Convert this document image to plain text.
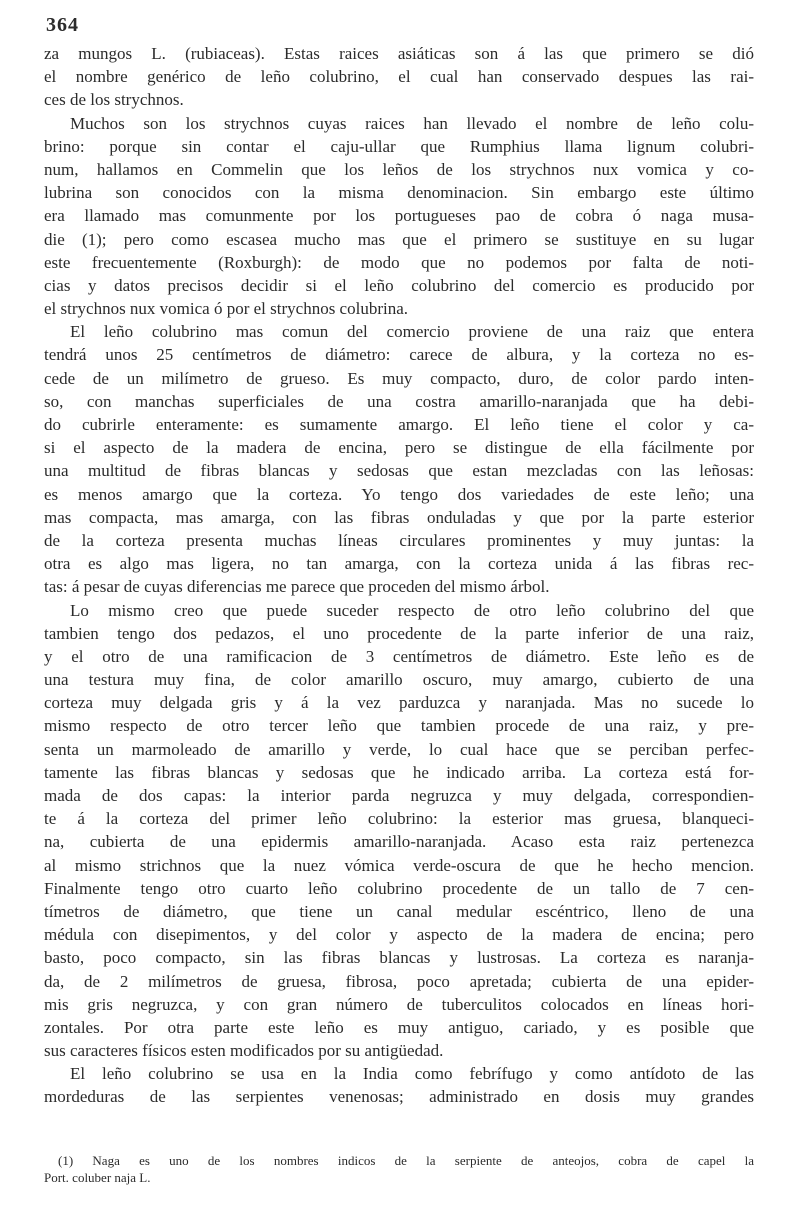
364
za mungos L. (rubiaceas). Estas raices asiáticas son á las que primero se dió
el nombre genérico de leño colubrino, el cual han conservado despues las rai-
ces de los strychnos.
Muchos son los strychnos cuyas raices han llevado el nombre de leño colu-
brino: porque sin contar el caju-ullar que Rumphius llama lignum colubri-
num, hallamos en Commelin que los leños de los strychnos nux vomica y co-
lubrina son conocidos con la misma denominacion. Sin embargo este último
era llamado mas comunmente por los portugueses pao de cobra ó naga musa-
die (1); pero como escasea mucho mas que el primero se sustituye en su lugar
este frecuentemente (Roxburgh): de modo que no podemos por falta de noti-
cias y datos precisos decidir si el leño colubrino del comercio es producido por
el strychnos nux vomica ó por el strychnos colubrina.
El leño colubrino mas comun del comercio proviene de una raiz que entera
tendrá unos 25 centímetros de diámetro: carece de albura, y la corteza no es-
cede de un milímetro de grueso. Es muy compacto, duro, de color pardo inten-
so, con manchas superficiales de una costra amarillo-naranjada que ha debi-
do cubrirle enteramente: es sumamente amargo. El leño tiene el color y ca-
si el aspecto de la madera de encina, pero se distingue de ella fácilmente por
una multitud de fibras blancas y sedosas que estan mezcladas con las leñosas:
es menos amargo que la corteza. Yo tengo dos variedades de este leño; una
mas compacta, mas amarga, con las fibras onduladas y que por la parte esterior
de la corteza presenta muchas líneas circulares prominentes y muy juntas: la
otra es algo mas ligera, no tan amarga, con la corteza unida á las fibras rec-
tas: á pesar de cuyas diferencias me parece que proceden del mismo árbol.
Lo mismo creo que puede suceder respecto de otro leño colubrino del que
tambien tengo dos pedazos, el uno procedente de la parte inferior de una raiz,
y el otro de una ramificacion de 3 centímetros de diámetro. Este leño es de
una testura muy fina, de color amarillo oscuro, muy amargo, cubierto de una
corteza muy delgada gris y á la vez parduzca y naranjada. Mas no sucede lo
mismo respecto de otro tercer leño que tambien procede de una raiz, y pre-
senta un marmoleado de amarillo y verde, lo cual hace que se perciban perfec-
tamente las fibras blancas y sedosas que he indicado arriba. La corteza está for-
mada de dos capas: la interior parda negruzca y muy delgada, correspondien-
te á la corteza del primer leño colubrino: la esterior mas gruesa, blanqueci-
na, cubierta de una epidermis amarillo-naranjada. Acaso esta raiz pertenezca
al mismo strichnos que la nuez vómica verde-oscura de que he hecho mencion.
Finalmente tengo otro cuarto leño colubrino procedente de un tallo de 7 cen-
tímetros de diámetro, que tiene un canal medular escéntrico, lleno de una
médula con disepimentos, y del color y aspecto de la madera de encina; pero
basto, poco compacto, sin las fibras blancas y lustrosas. La corteza es naranja-
da, de 2 milímetros de gruesa, fibrosa, poco apretada; cubierta de una epider-
mis gris negruzca, y con gran número de tuberculitos colocados en líneas hori-
zontales. Por otra parte este leño es muy antiguo, cariado, y es posible que
sus caracteres físicos esten modificados por su antigüedad.
El leño colubrino se usa en la India como febrífugo y como antídoto de las
mordeduras de las serpientes venenosas; administrado en dosis muy grandes
(1) Naga es uno de los nombres indicos de la serpiente de anteojos, cobra de capel la
Port. coluber naja L.
